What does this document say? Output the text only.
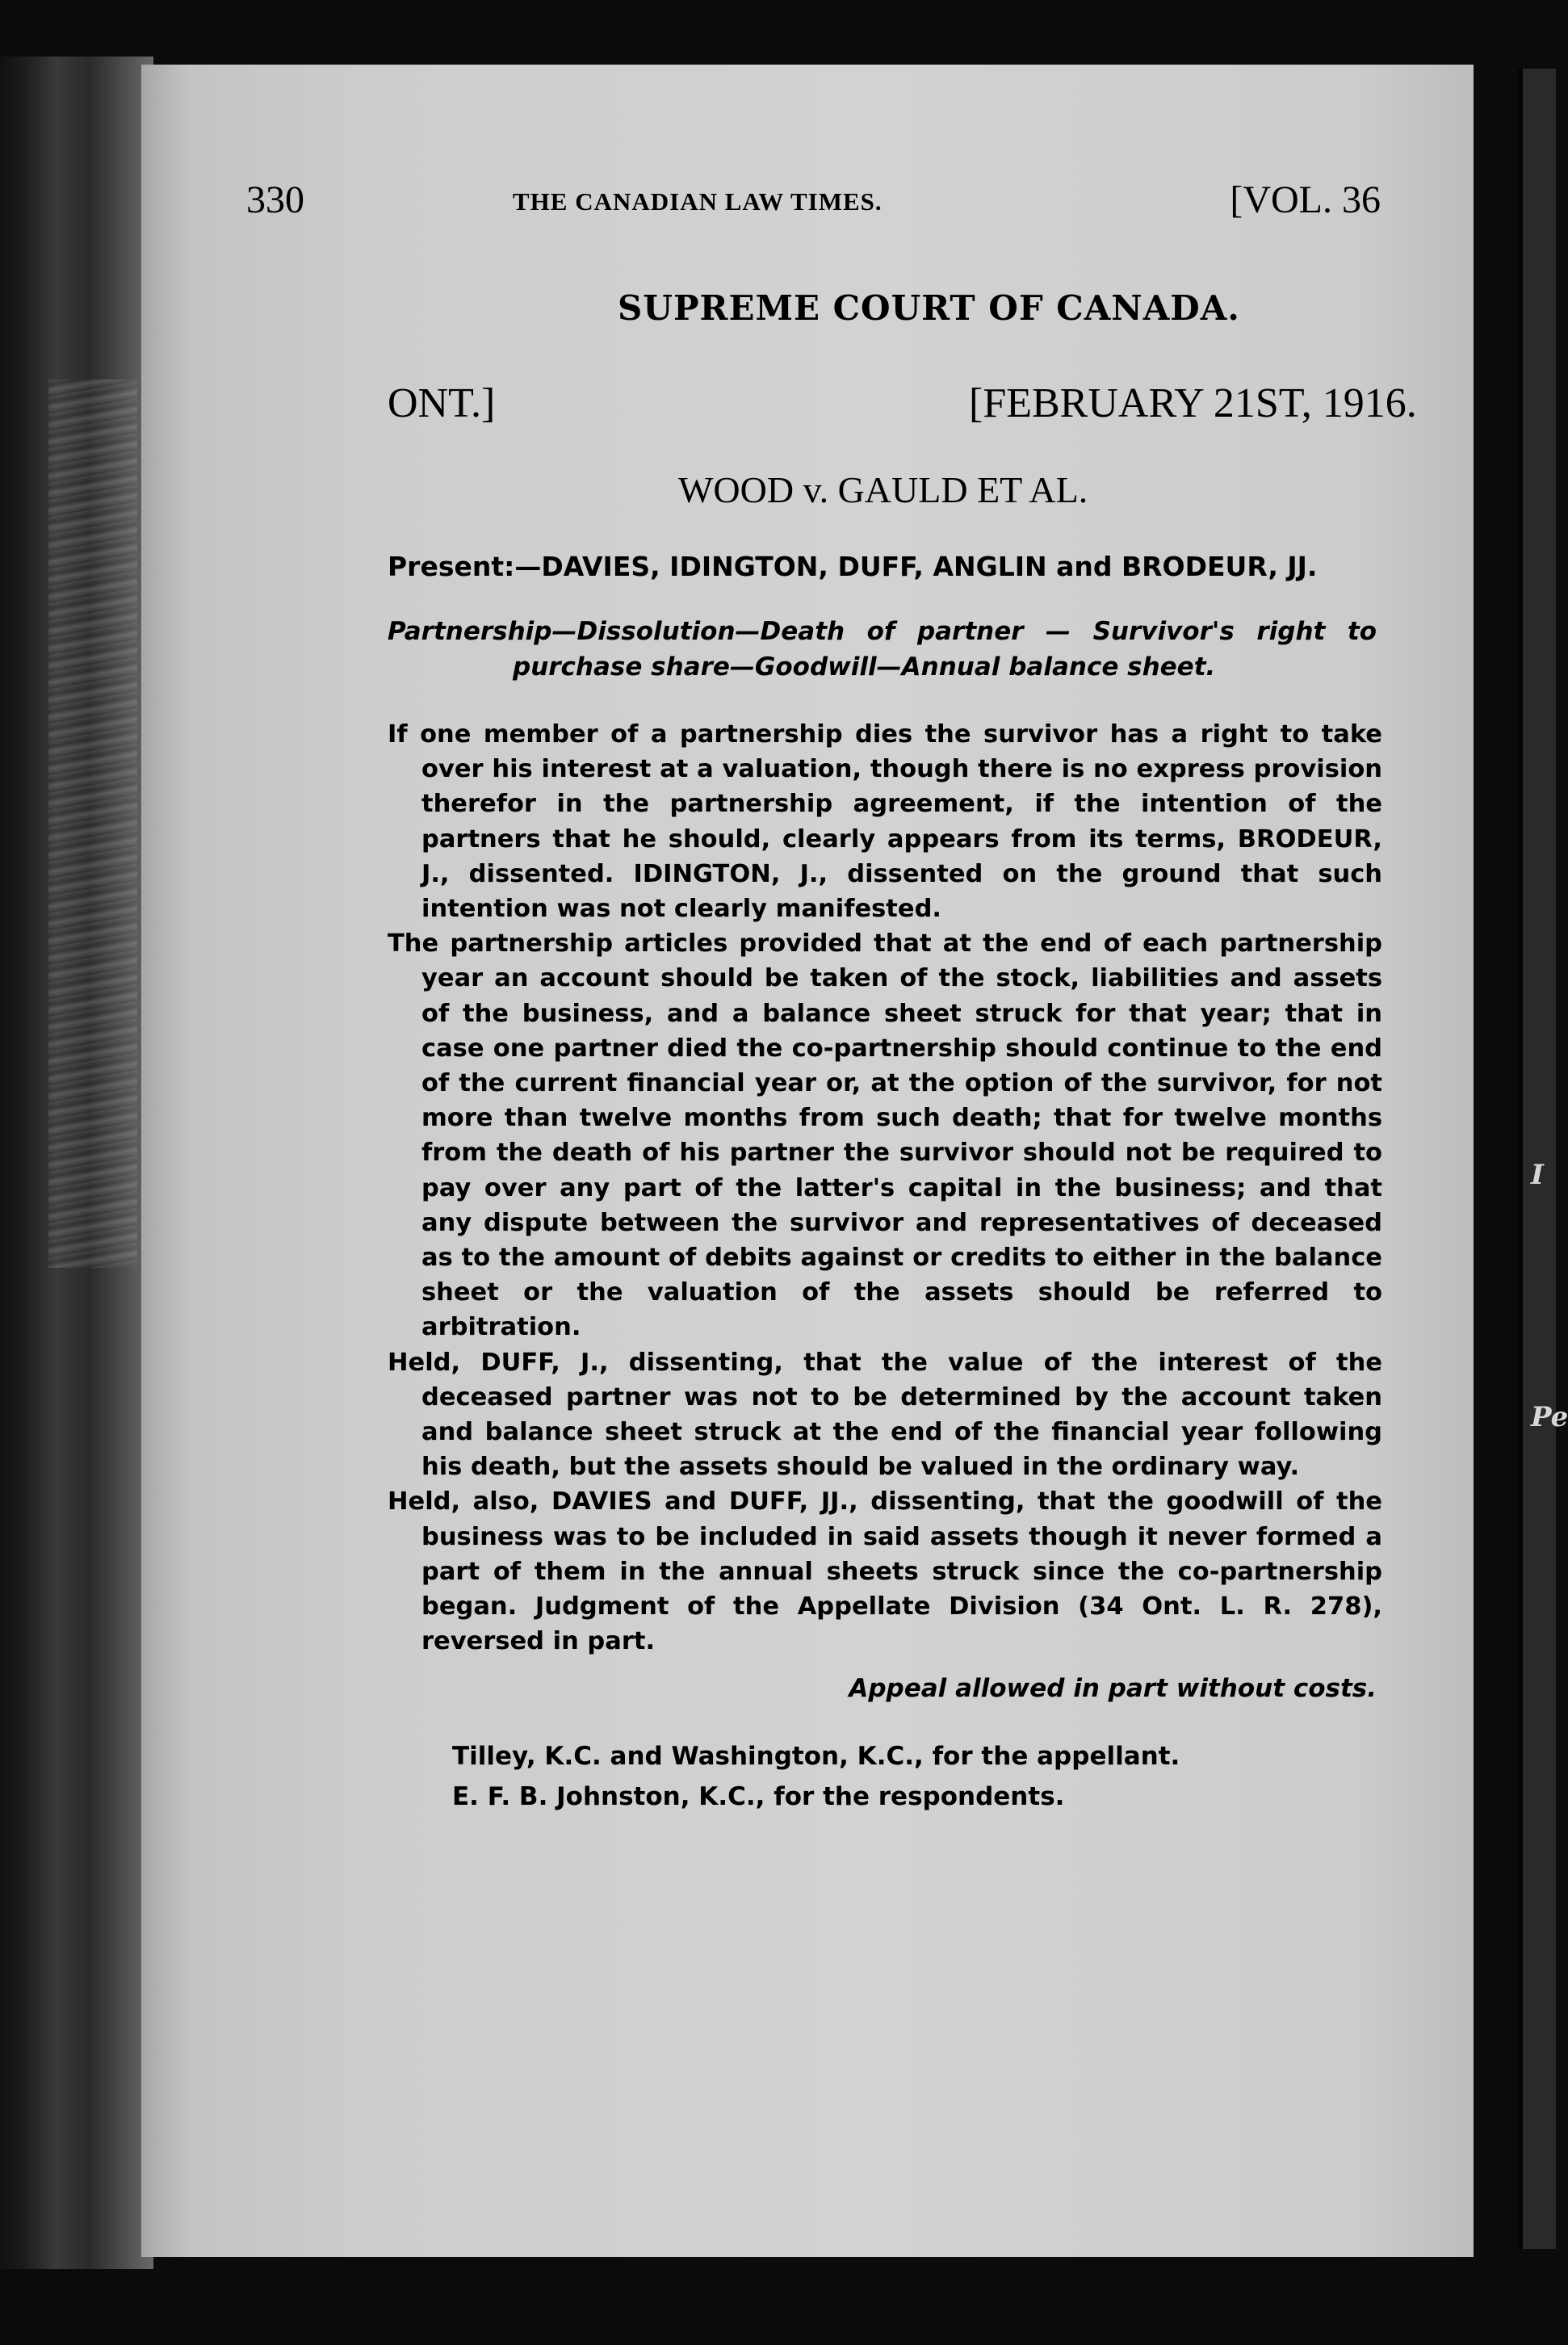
I
Pe
330	THE CANADIAN LAW TIMES.	[VOL. 36
SUPREME COURT OF CANADA.
ONT.]	[FEBRUARY 21ST, 1916.
WOOD v. GAULD ET AL.
Present:—DAVIES, IDINGTON, DUFF, ANGLIN and BRODEUR, JJ.
Partnership—Dissolution—Death of partner — Survivor's right to
purchase share—Goodwill—Annual balance sheet.

If one member of a partnership dies the survivor has a right to take over his interest at a valuation, though there is no express provision therefor in the partnership agreement, if the intention of the partners that he should, clearly appears from its terms, BRODEUR, J., dissented. IDINGTON, J., dissented on the ground that such intention was not clearly manifested.

The partnership articles provided that at the end of each partnership year an account should be taken of the stock, liabilities and assets of the business, and a balance sheet struck for that year; that in case one partner died the co-partnership should continue to the end of the current financial year or, at the option of the survivor, for not more than twelve months from such death; that for twelve months from the death of his partner the survivor should not be required to pay over any part of the latter's capital in the business; and that any dispute between the survivor and representatives of deceased as to the amount of debits against or credits to either in the balance sheet or the valuation of the assets should be referred to arbitration.

Held, DUFF, J., dissenting, that the value of the interest of the deceased partner was not to be determined by the account taken and balance sheet struck at the end of the financial year following his death, but the assets should be valued in the ordinary way.

Held, also, DAVIES and DUFF, JJ., dissenting, that the goodwill of the business was to be included in said assets though it never formed a part of them in the annual sheets struck since the co-partnership began. Judgment of the Appellate Division (34 Ont. L. R. 278), reversed in part.

Appeal allowed in part without costs.
Tilley, K.C. and Washington, K.C., for the appellant.
E. F. B. Johnston, K.C., for the respondents.
